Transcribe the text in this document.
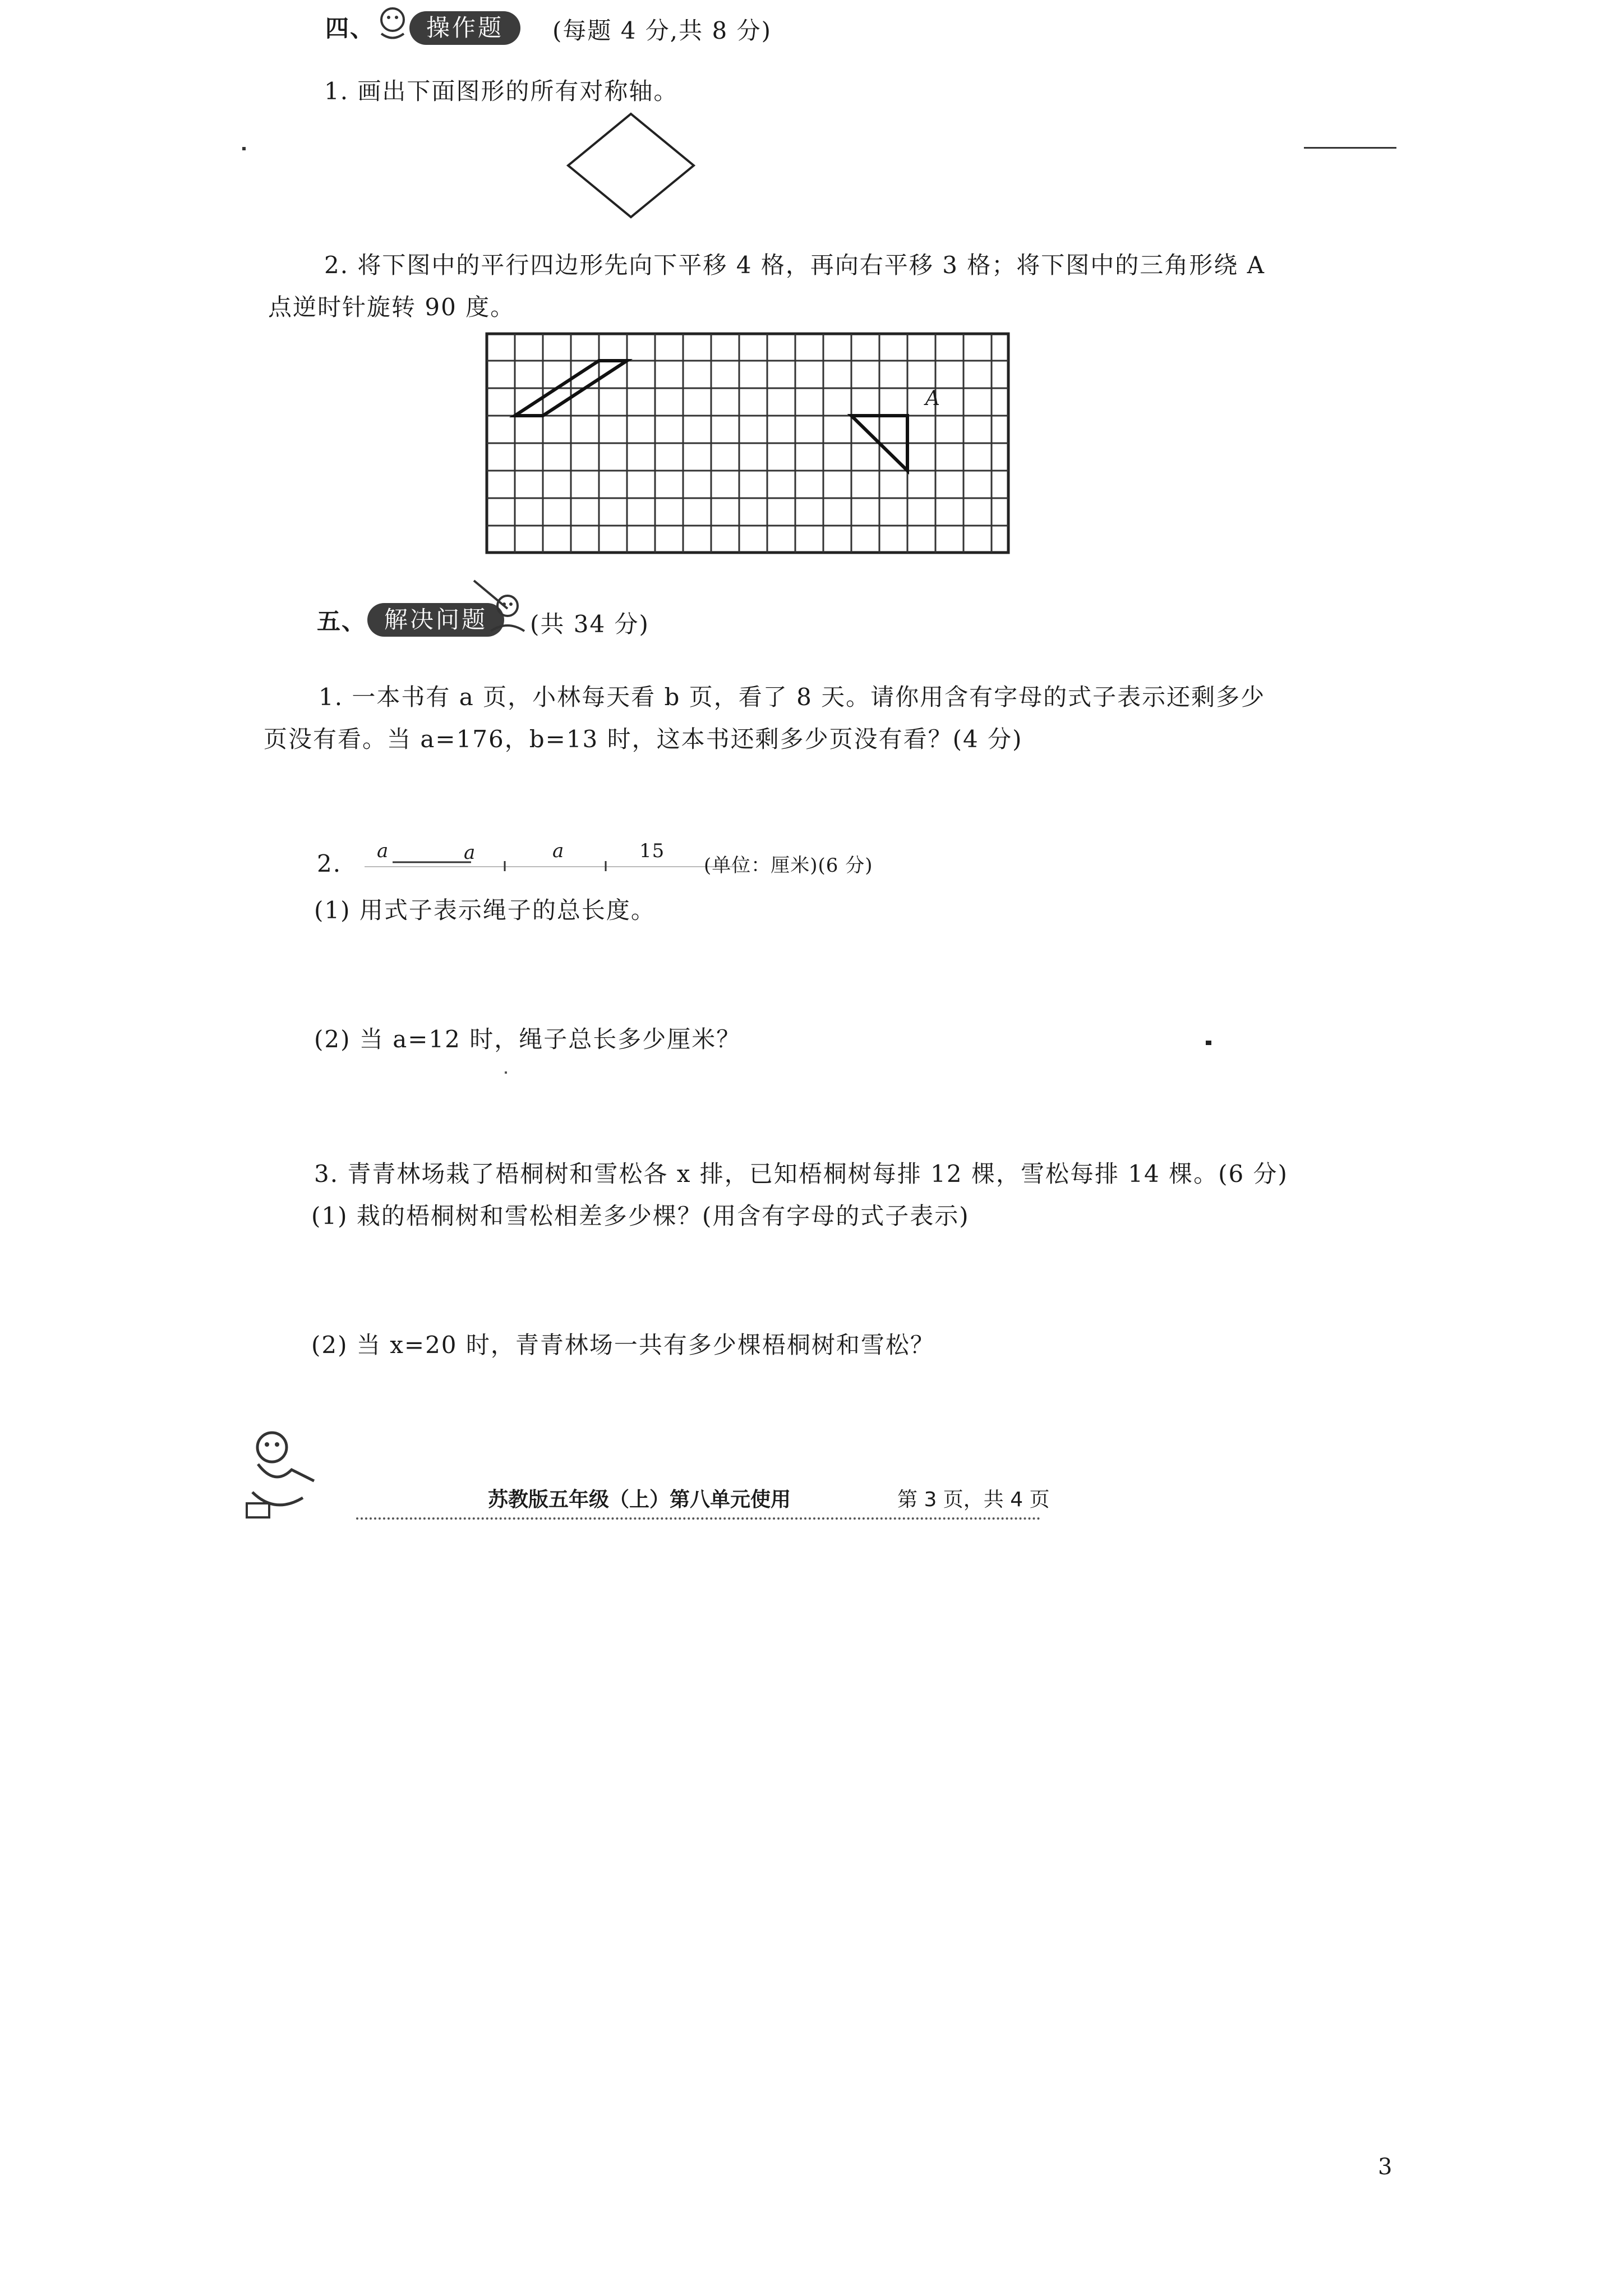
四、	操作题	(每题 4 分,共 8 分)
1. 画出下面图形的所有对称轴。
2. 将下图中的平行四边形先向下平移 4 格，再向右平移 3 格；将下图中的三角形绕 A
点逆时针旋转 90 度。
A
五、 解决问题	(共 34 分)
1. 一本书有 a 页，小林每天看 b 页，看了 8 天。请你用含有字母的式子表示还剩多少
页没有看。当 a=176，b=13 时，这本书还剩多少页没有看？(4 分)
2. a	a	a	15
(单位：厘米)(6 分)
(1) 用式子表示绳子的总长度。
(2) 当 a=12 时，绳子总长多少厘米？
3. 青青林场栽了梧桐树和雪松各 x 排，已知梧桐树每排 12 棵，雪松每排 14 棵。(6 分)
(1) 栽的梧桐树和雪松相差多少棵？(用含有字母的式子表示)
(2) 当 x=20 时，青青林场一共有多少棵梧桐树和雪松？
苏教版五年级（上）第八单元使用	第 3 页，共 4 页
3
